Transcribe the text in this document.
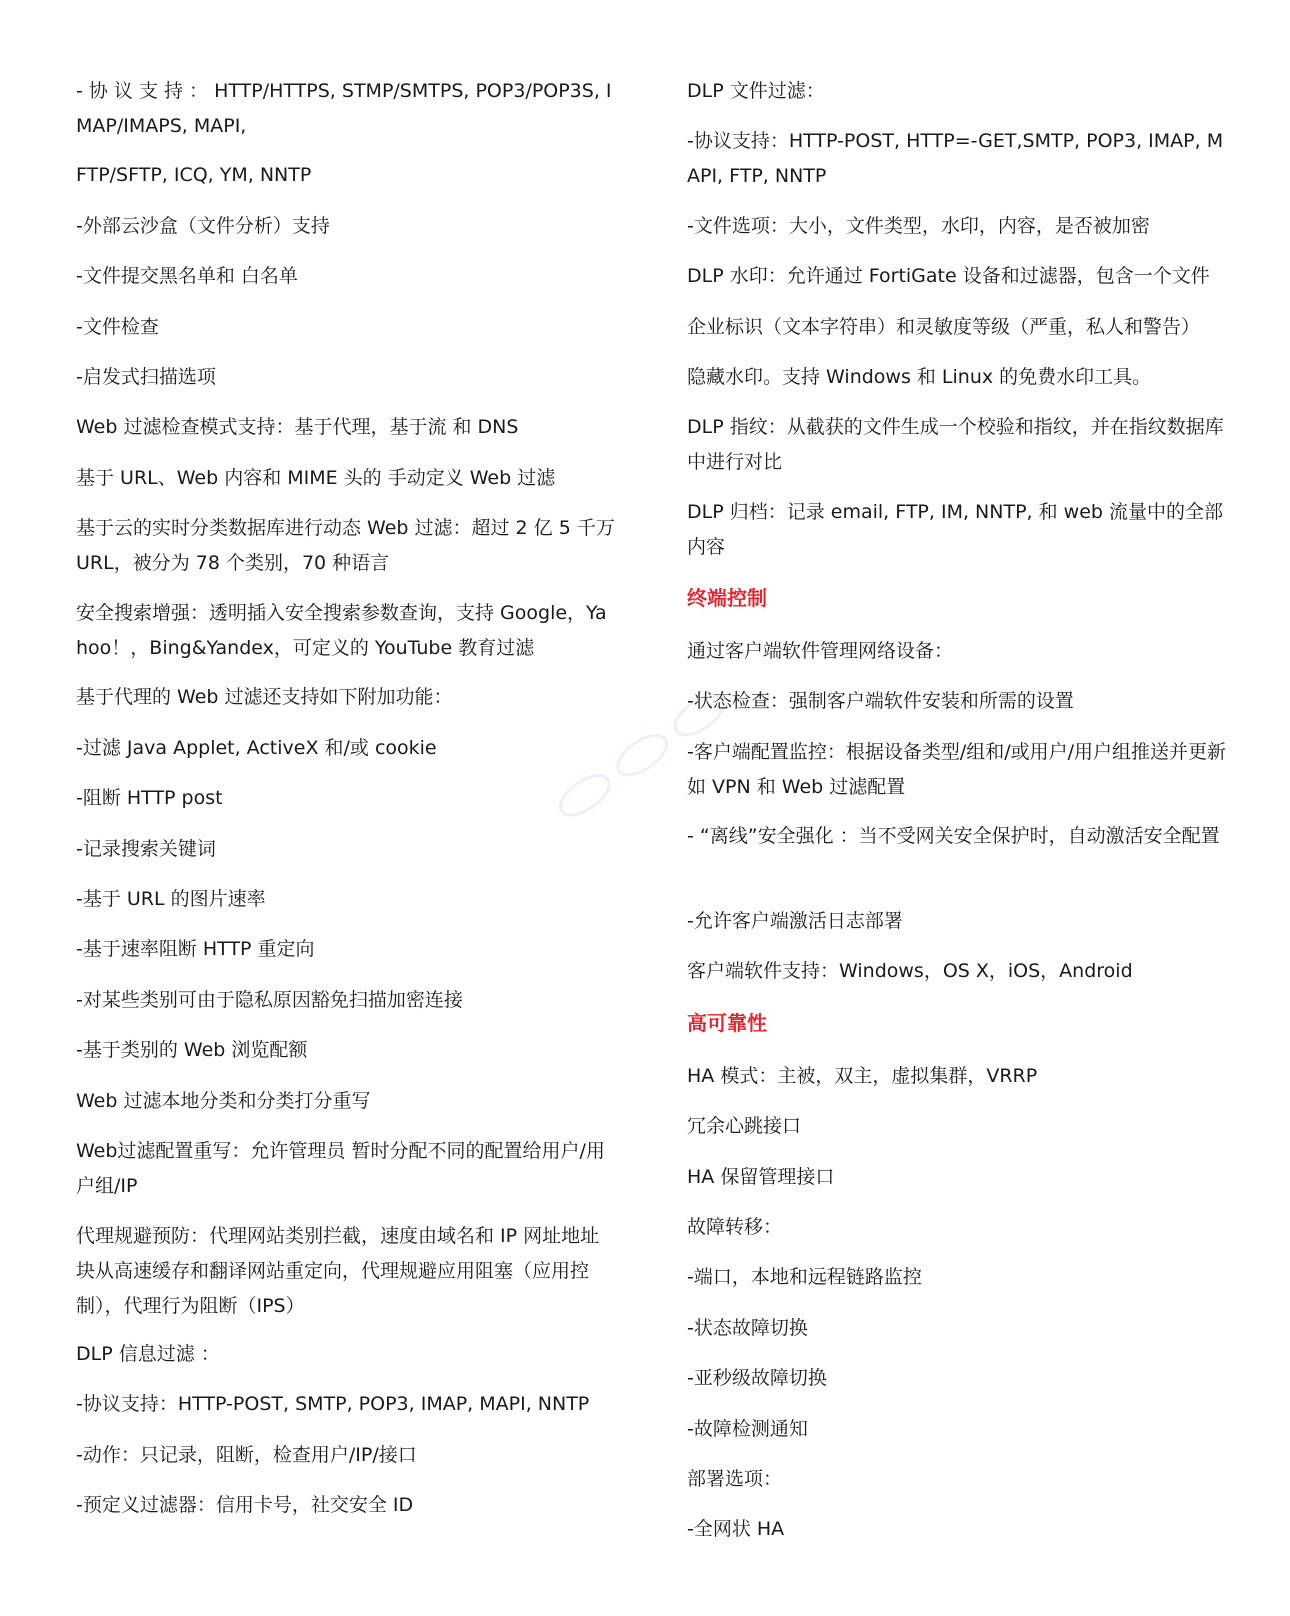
- 协 议 支 持 ： HTTP/HTTPS, STMP/SMTPS, POP3/POP3S, IMAP/IMAPS, MAPI,
FTP/SFTP, ICQ, YM, NNTP
-外部云沙盒（文件分析）支持
-文件提交黑名单和 白名单
-文件检查
-启发式扫描选项
Web 过滤检查模式支持：基于代理，基于流 和 DNS
基于 URL、Web 内容和 MIME 头的 手动定义 Web 过滤
基于云的实时分类数据库进行动态 Web 过滤：超过 2 亿 5 千万 URL，被分为 78 个类别，70 种语言
安全搜索增强：透明插入安全搜索参数查询，支持 Google，Yahoo！，Bing&Yandex，可定义的 YouTube 教育过滤
基于代理的 Web 过滤还支持如下附加功能：
-过滤 Java Applet, ActiveX 和/或 cookie
-阻断 HTTP post
-记录搜索关键词
-基于 URL 的图片速率
-基于速率阻断 HTTP 重定向
-对某些类别可由于隐私原因豁免扫描加密连接
-基于类别的 Web 浏览配额
Web 过滤本地分类和分类打分重写
Web过滤配置重写：允许管理员 暂时分配不同的配置给用户/用户组/IP
代理规避预防：代理网站类别拦截，速度由域名和 IP 网址地址块从高速缓存和翻译网站重定向，代理规避应用阻塞（应用控制），代理行为阻断（IPS）
DLP 信息过滤 ：
-协议支持：HTTP-POST, SMTP, POP3, IMAP, MAPI, NNTP
-动作：只记录，阻断，检查用户/IP/接口
-预定义过滤器：信用卡号，社交安全 ID
DLP 文件过滤：
-协议支持：HTTP-POST, HTTP=-GET,SMTP, POP3, IMAP, MAPI, FTP, NNTP
-文件选项：大小，文件类型，水印，内容，是否被加密
DLP 水印：允许通过 FortiGate 设备和过滤器，包含一个文件
企业标识（文本字符串）和灵敏度等级（严重，私人和警告）
隐藏水印。支持 Windows 和 Linux 的免费水印工具。
DLP 指纹：从截获的文件生成一个校验和指纹，并在指纹数据库中进行对比
DLP 归档：记录 email, FTP, IM, NNTP, 和 web 流量中的全部内容
终端控制
通过客户端软件管理网络设备：
-状态检查：强制客户端软件安装和所需的设置
-客户端配置监控：根据设备类型/组和/或用户/用户组推送并更新如 VPN 和 Web 过滤配置
- “离线”安全强化 ：当不受网关安全保护时，自动激活安全配置
-允许客户端激活日志部署
客户端软件支持：Windows，OS X，iOS，Android
高可靠性
HA 模式：主被，双主，虚拟集群，VRRP
冗余心跳接口
HA 保留管理接口
故障转移：
-端口，本地和远程链路监控
-状态故障切换
-亚秒级故障切换
-故障检测通知
部署选项：
-全网状 HA
